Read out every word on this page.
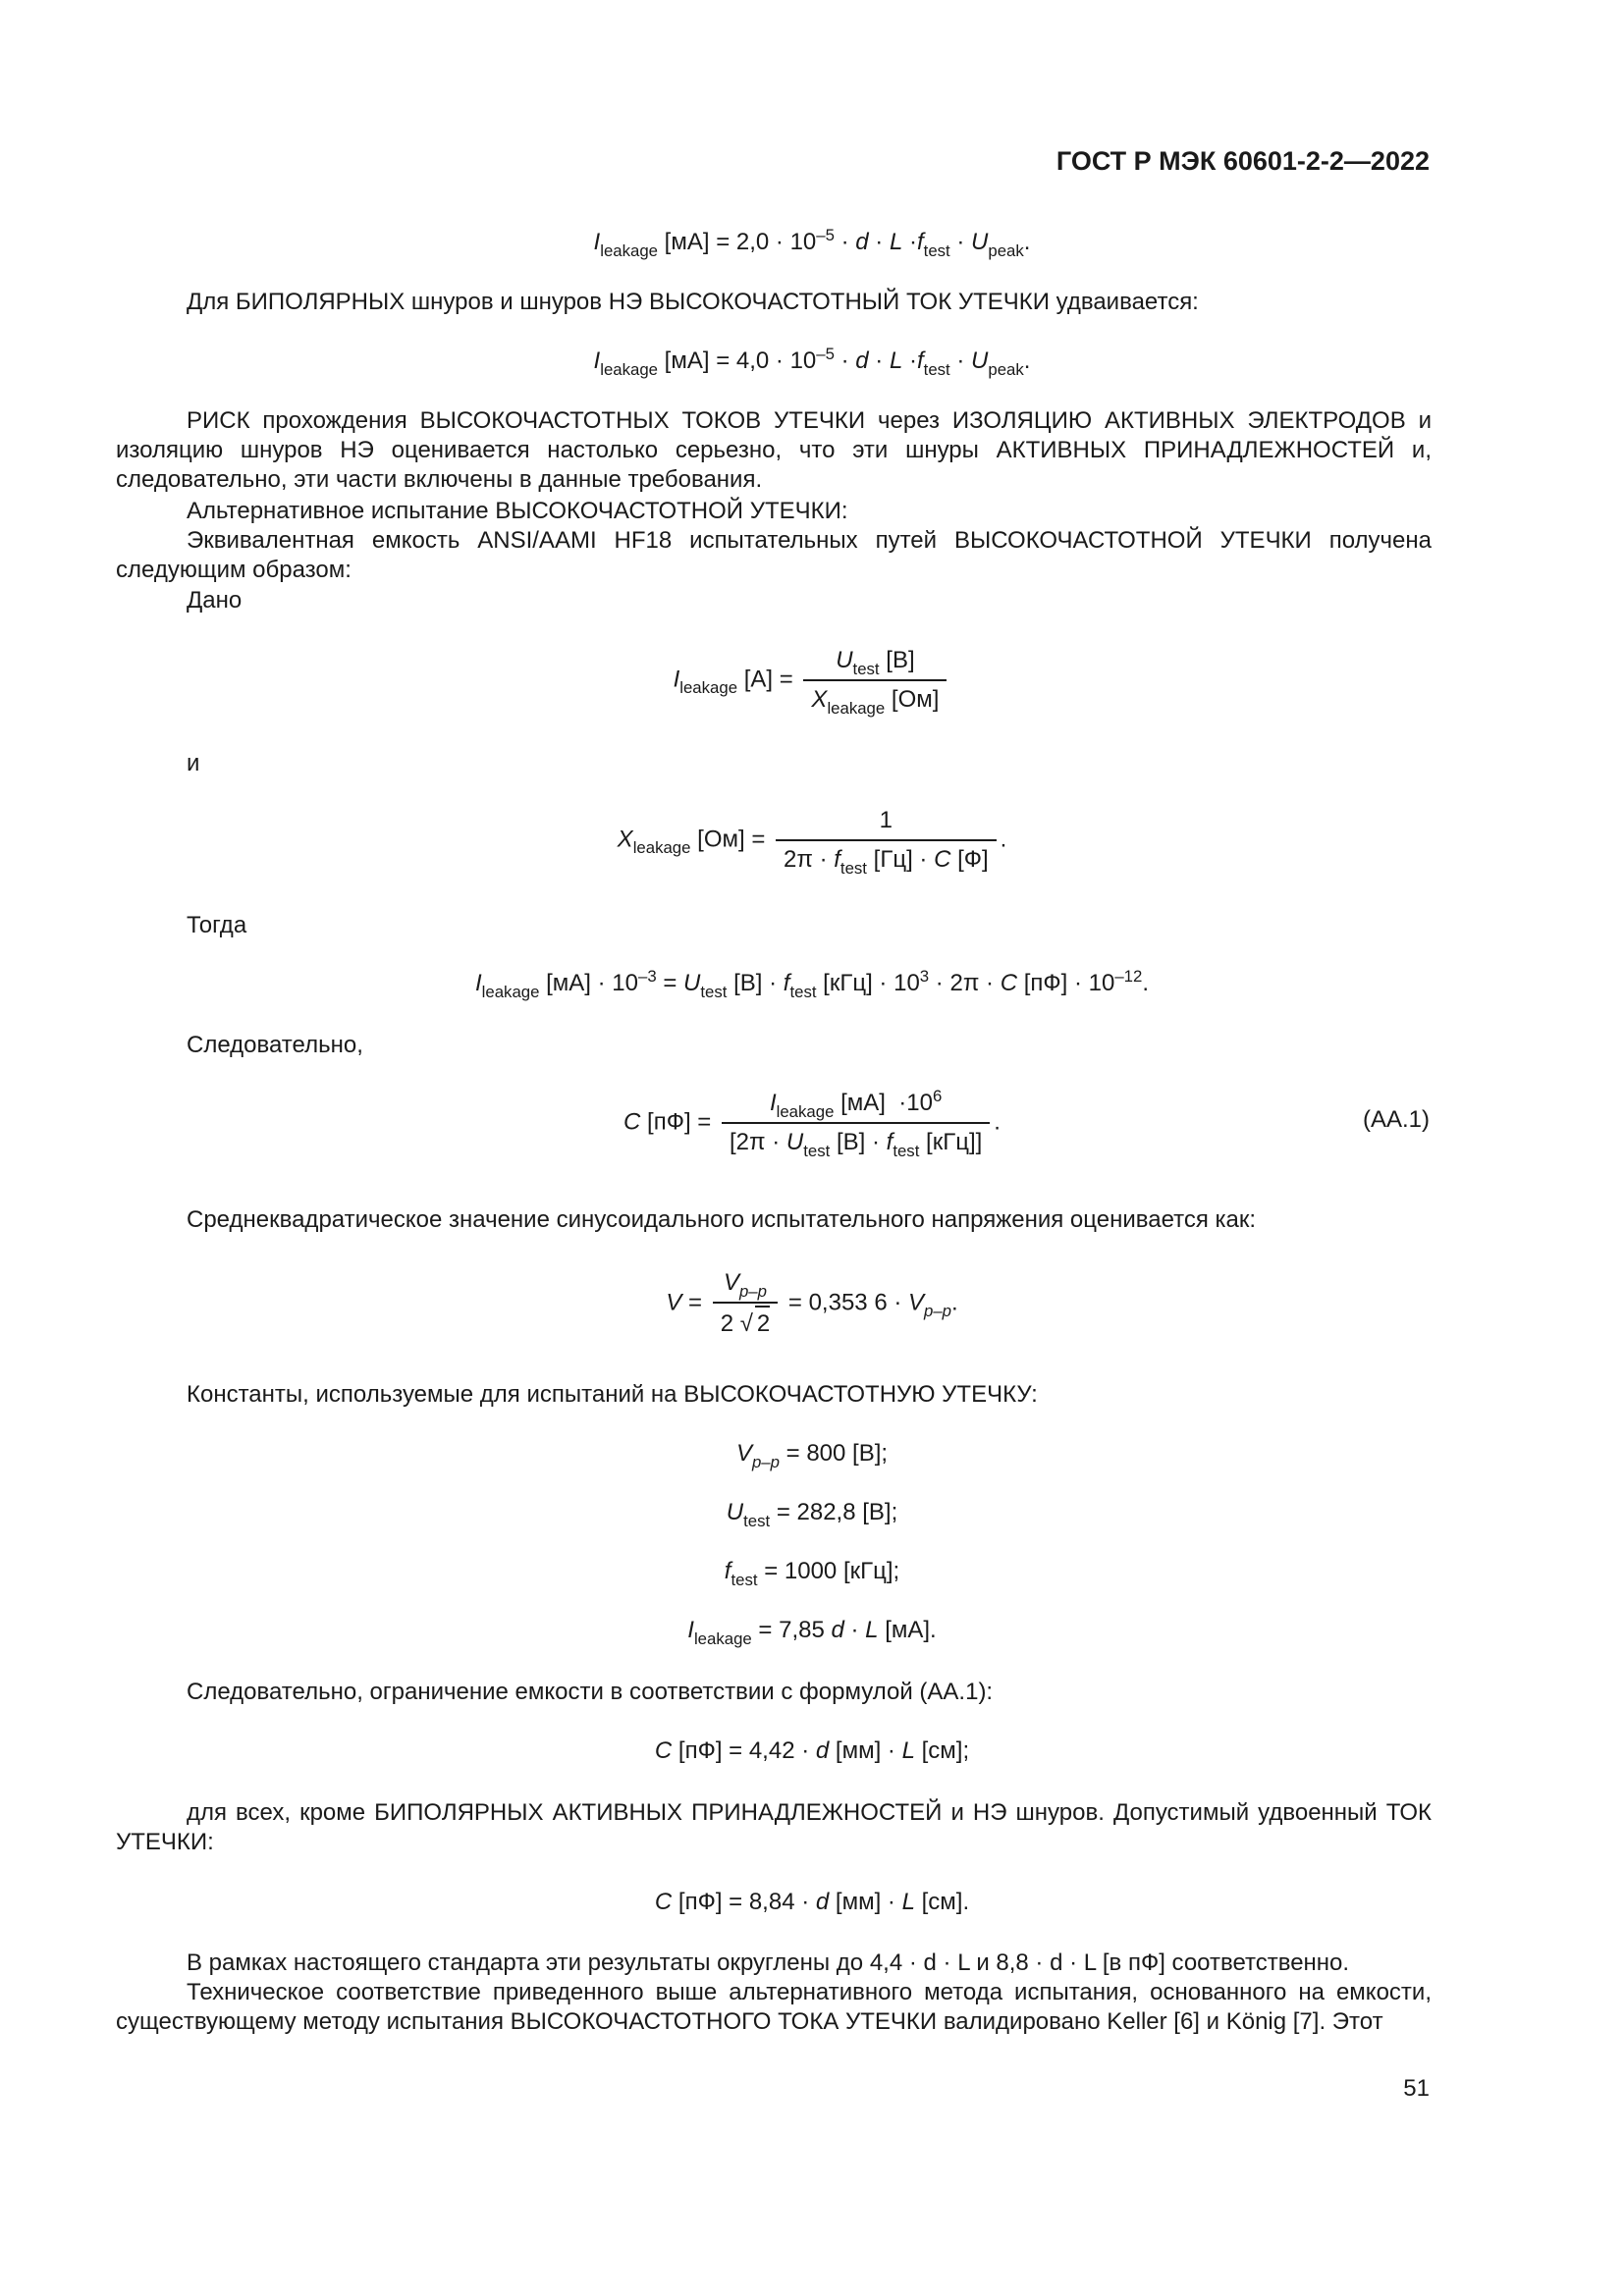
ГОСТ Р МЭК 60601-2-2—2022
$I_{leakage}$ $[мА] = 2,0 \cdot 10^{-5} \cdot d \cdot L \cdot f_{test} \cdot U_{peak}$.
Для БИПОЛЯРНЫХ шнуров и шнуров НЭ ВЫСОКОЧАСТОТНЫЙ ТОК УТЕЧКИ удваивается:
$I_{leakage}$ $[мА] = 4,0 \cdot 10^{-5} \cdot d \cdot L \cdot f_{test} \cdot U_{peak}$.
РИСК прохождения ВЫСОКОЧАСТОТНЫХ ТОКОВ УТЕЧКИ через ИЗОЛЯЦИЮ АКТИВНЫХ ЭЛЕКТРОДОВ и изоляцию шнуров НЭ оценивается настолько серьезно, что эти шнуры АКТИВНЫХ ПРИНАДЛЕЖНОСТЕЙ и, следовательно, эти части включены в данные требования.
Альтернативное испытание ВЫСОКОЧАСТОТНОЙ УТЕЧКИ:
Эквивалентная емкость ANSI/AAMI HF18 испытательных путей ВЫСОКОЧАСТОТНОЙ УТЕЧКИ получена следующим образом:
Дано
$I_{leakage}$ $[А] = \frac{U_{test} [В]}{X_{leakage} [Ом]}$
и
$X_{leakage}$ $[Ом] = \frac{1}{2\pi \cdot f_{test} [Гц] \cdot C [Ф]}$ .
Тогда
$I_{leakage}$ $[мА] \cdot 10^{-3} = U_{test}$ $[В] \cdot f_{test}$ $[кГц] \cdot 10^3 \cdot 2\pi \cdot C$ $[пФ] \cdot 10^{-12}$.
Следовательно,
C $[пФ] = \frac{I_{leakage} [мА] \cdot 10^6}{[2\pi \cdot U_{test} [В] \cdot f_{test} [кГц]]}$ .	(АА.1)
Среднеквадратическое значение синусоидального испытательного напряжения оценивается как:
$V = \frac{V_{p-p}}{2 √ 2} = 0,353$ $6 \cdot V_{p-p}$.
Константы, используемые для испытаний на ВЫСОКОЧАСТОТНУЮ УТЕЧКУ:
$V_{p-p} = 800$ [В];
$U_{test} = 282,8$ [В];
$f_{test} = 1000$ [кГц];
$I_{leakage} = 7,85$ d · L [мА].
Следовательно, ограничение емкости в соответствии с формулой (АА.1):
C [пФ] = 4,42 · d [мм] · L [см];
для всех, кроме БИПОЛЯРНЫХ АКТИВНЫХ ПРИНАДЛЕЖНОСТЕЙ и НЭ шнуров. Допустимый удвоенный ТОК УТЕЧКИ:
C [пФ] = 8,84 · d [мм] · L [см].
В рамках настоящего стандарта эти результаты округлены до 4,4 · d · L и 8,8 · d · L [в пФ] соответственно.
Техническое соответствие приведенного выше альтернативного метода испытания, основанного на емкости, существующему методу испытания ВЫСОКОЧАСТОТНОГО ТОКА УТЕЧКИ валидировано Keller [6] и König [7]. Этот
51
